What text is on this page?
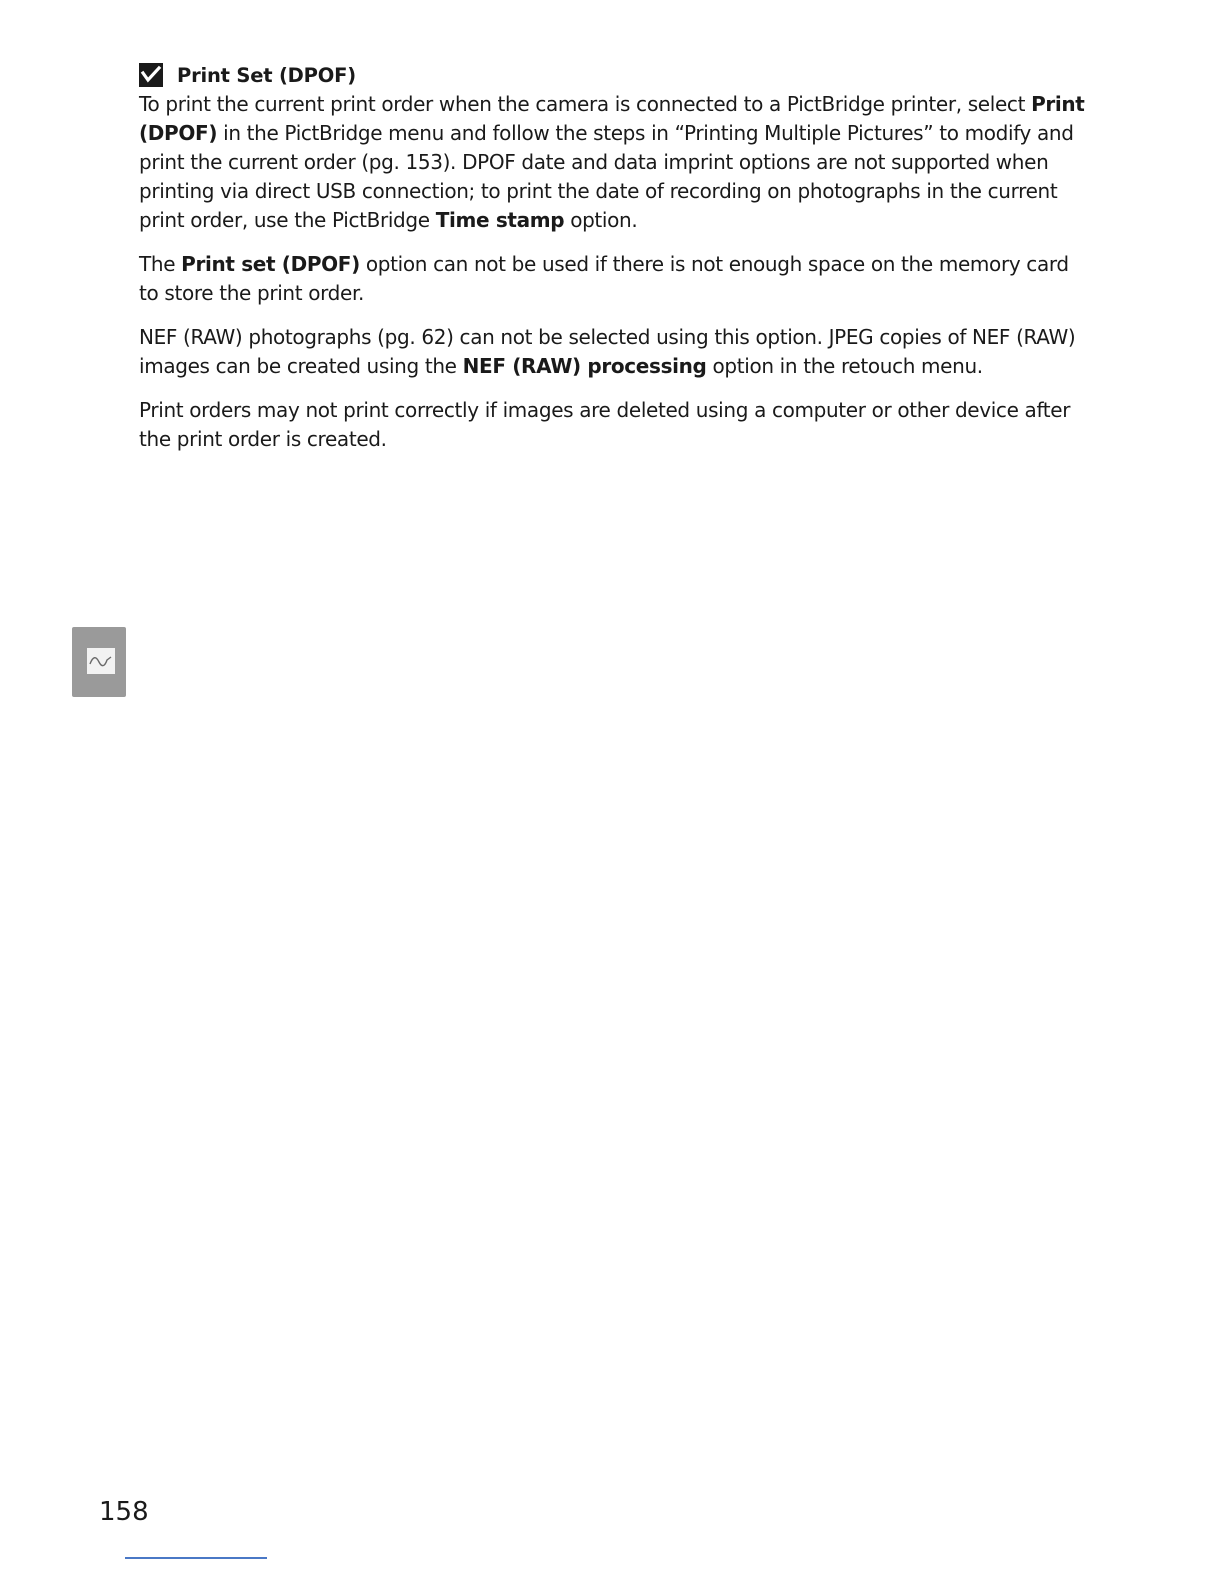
Print Set (DPOF)

To print the current print order when the camera is connected to a PictBridge printer, select Print (DPOF) in the PictBridge menu and follow the steps in “Printing Multiple Pictures” to modify and print the current order (pg. 153). DPOF date and data imprint options are not supported when printing via direct USB connection; to print the date of recording on photographs in the current print order, use the PictBridge Time stamp option.

The Print set (DPOF) option can not be used if there is not enough space on the memory card to store the print order.

NEF (RAW) photographs (pg. 62) can not be selected using this option. JPEG copies of NEF (RAW) images can be created using the NEF (RAW) processing option in the retouch menu.

Print orders may not print correctly if images are deleted using a computer or other device after the print order is created.

158
